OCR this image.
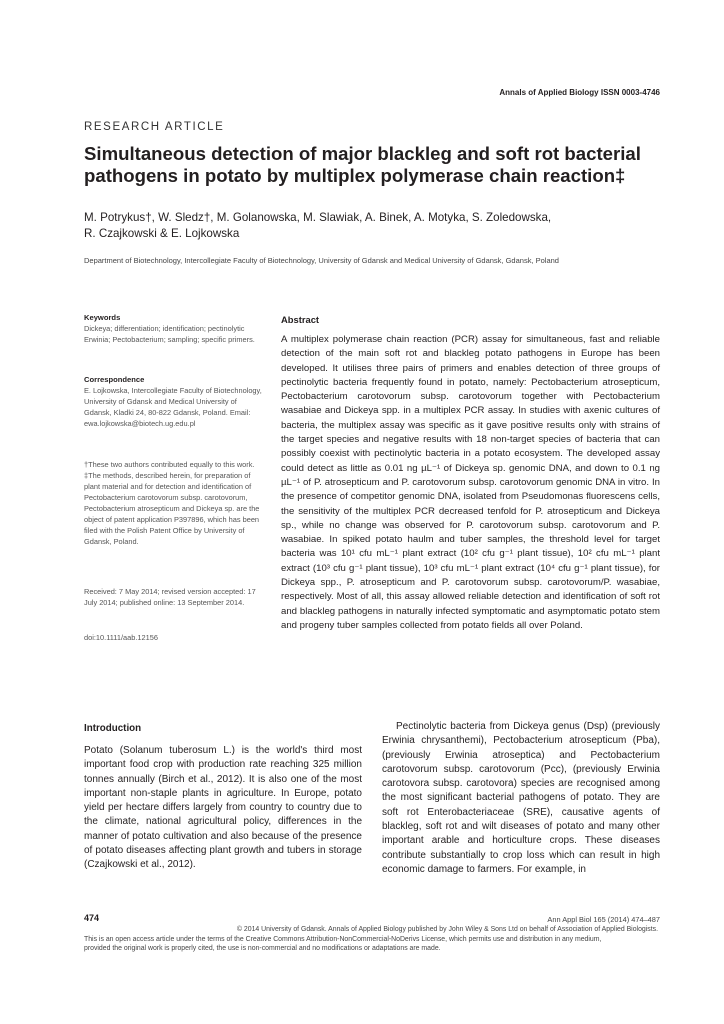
Annals of Applied Biology ISSN 0003-4746
RESEARCH ARTICLE
Simultaneous detection of major blackleg and soft rot bacterial pathogens in potato by multiplex polymerase chain reaction‡
M. Potrykus†, W. Sledz†, M. Golanowska, M. Slawiak, A. Binek, A. Motyka, S. Zoledowska,
R. Czajkowski & E. Lojkowska
Department of Biotechnology, Intercollegiate Faculty of Biotechnology, University of Gdansk and Medical University of Gdansk, Gdansk, Poland

Keywords

Dickeya; differentiation; identification; pectinolytic Erwinia; Pectobacterium; sampling; specific primers.

Correspondence

E. Lojkowska, Intercollegiate Faculty of Biotechnology, University of Gdansk and Medical University of Gdansk, Kladki 24, 80-822 Gdansk, Poland. Email: ewa.lojkowska@biotech.ug.edu.pl

†These two authors contributed equally to this work.

‡The methods, described herein, for preparation of plant material and for detection and identification of Pectobacterium carotovorum subsp. carotovorum, Pectobacterium atrosepticum and Dickeya sp. are the object of patent application P397896, which has been filed with the Polish Patent Office by University of Gdansk, Poland.

Received: 7 May 2014; revised version accepted: 17 July 2014; published online: 13 September 2014.

doi:10.1111/aab.12156

Abstract

A multiplex polymerase chain reaction (PCR) assay for simultaneous, fast and reliable detection of the main soft rot and blackleg potato pathogens in Europe has been developed. It utilises three pairs of primers and enables detection of three groups of pectinolytic bacteria frequently found in potato, namely: Pectobacterium atrosepticum, Pectobacterium carotovorum subsp. carotovorum together with Pectobacterium wasabiae and Dickeya spp. in a multiplex PCR assay. In studies with axenic cultures of bacteria, the multiplex assay was specific as it gave positive results only with strains of the target species and negative results with 18 non-target species of bacteria that can possibly coexist with pectinolytic bacteria in a potato ecosystem. The developed assay could detect as little as 0.01 ng µL⁻¹ of Dickeya sp. genomic DNA, and down to 0.1 ng µL⁻¹ of P. atrosepticum and P. carotovorum subsp. carotovorum genomic DNA in vitro. In the presence of competitor genomic DNA, isolated from Pseudomonas fluorescens cells, the sensitivity of the multiplex PCR decreased tenfold for P. atrosepticum and Dickeya sp., while no change was observed for P. carotovorum subsp. carotovorum and P. wasabiae. In spiked potato haulm and tuber samples, the threshold level for target bacteria was 10¹ cfu mL⁻¹ plant extract (10² cfu g⁻¹ plant tissue), 10² cfu mL⁻¹ plant extract (10³ cfu g⁻¹ plant tissue), 10³ cfu mL⁻¹ plant extract (10⁴ cfu g⁻¹ plant tissue), for Dickeya spp., P. atrosepticum and P. carotovorum subsp. carotovorum/P. wasabiae, respectively. Most of all, this assay allowed reliable detection and identification of soft rot and blackleg pathogens in naturally infected symptomatic and asymptomatic potato stem and progeny tuber samples collected from potato fields all over Poland.

Introduction

Potato (Solanum tuberosum L.) is the world's third most important food crop with production rate reaching 325 million tonnes annually (Birch et al., 2012). It is also one of the most important non-staple plants in agriculture. In Europe, potato yield per hectare differs largely from country to country due to the climate, national agricultural policy, differences in the manner of potato cultivation and also because of the presence of potato diseases affecting plant growth and tubers in storage (Czajkowski et al., 2012).

Pectinolytic bacteria from Dickeya genus (Dsp) (previously Erwinia chrysanthemi), Pectobacterium atrosepticum (Pba), (previously Erwinia atroseptica) and Pectobacterium carotovorum subsp. carotovorum (Pcc), (previously Erwinia carotovora subsp. carotovora) species are recognised among the most significant bacterial pathogens of potato. They are soft rot Enterobacteriaceae (SRE), causative agents of blackleg, soft rot and wilt diseases of potato and many other important arable and horticulture crops. These diseases contribute substantially to crop loss which can result in high economic damage to farmers. For example, in

474	Ann Appl Biol 165 (2014) 474–487

© 2014 University of Gdansk. Annals of Applied Biology published by John Wiley & Sons Ltd on behalf of Association of Applied Biologists.
This is an open access article under the terms of the Creative Commons Attribution-NonCommercial-NoDerivs License, which permits use and distribution in any medium,
provided the original work is properly cited, the use is non-commercial and no modifications or adaptations are made.
